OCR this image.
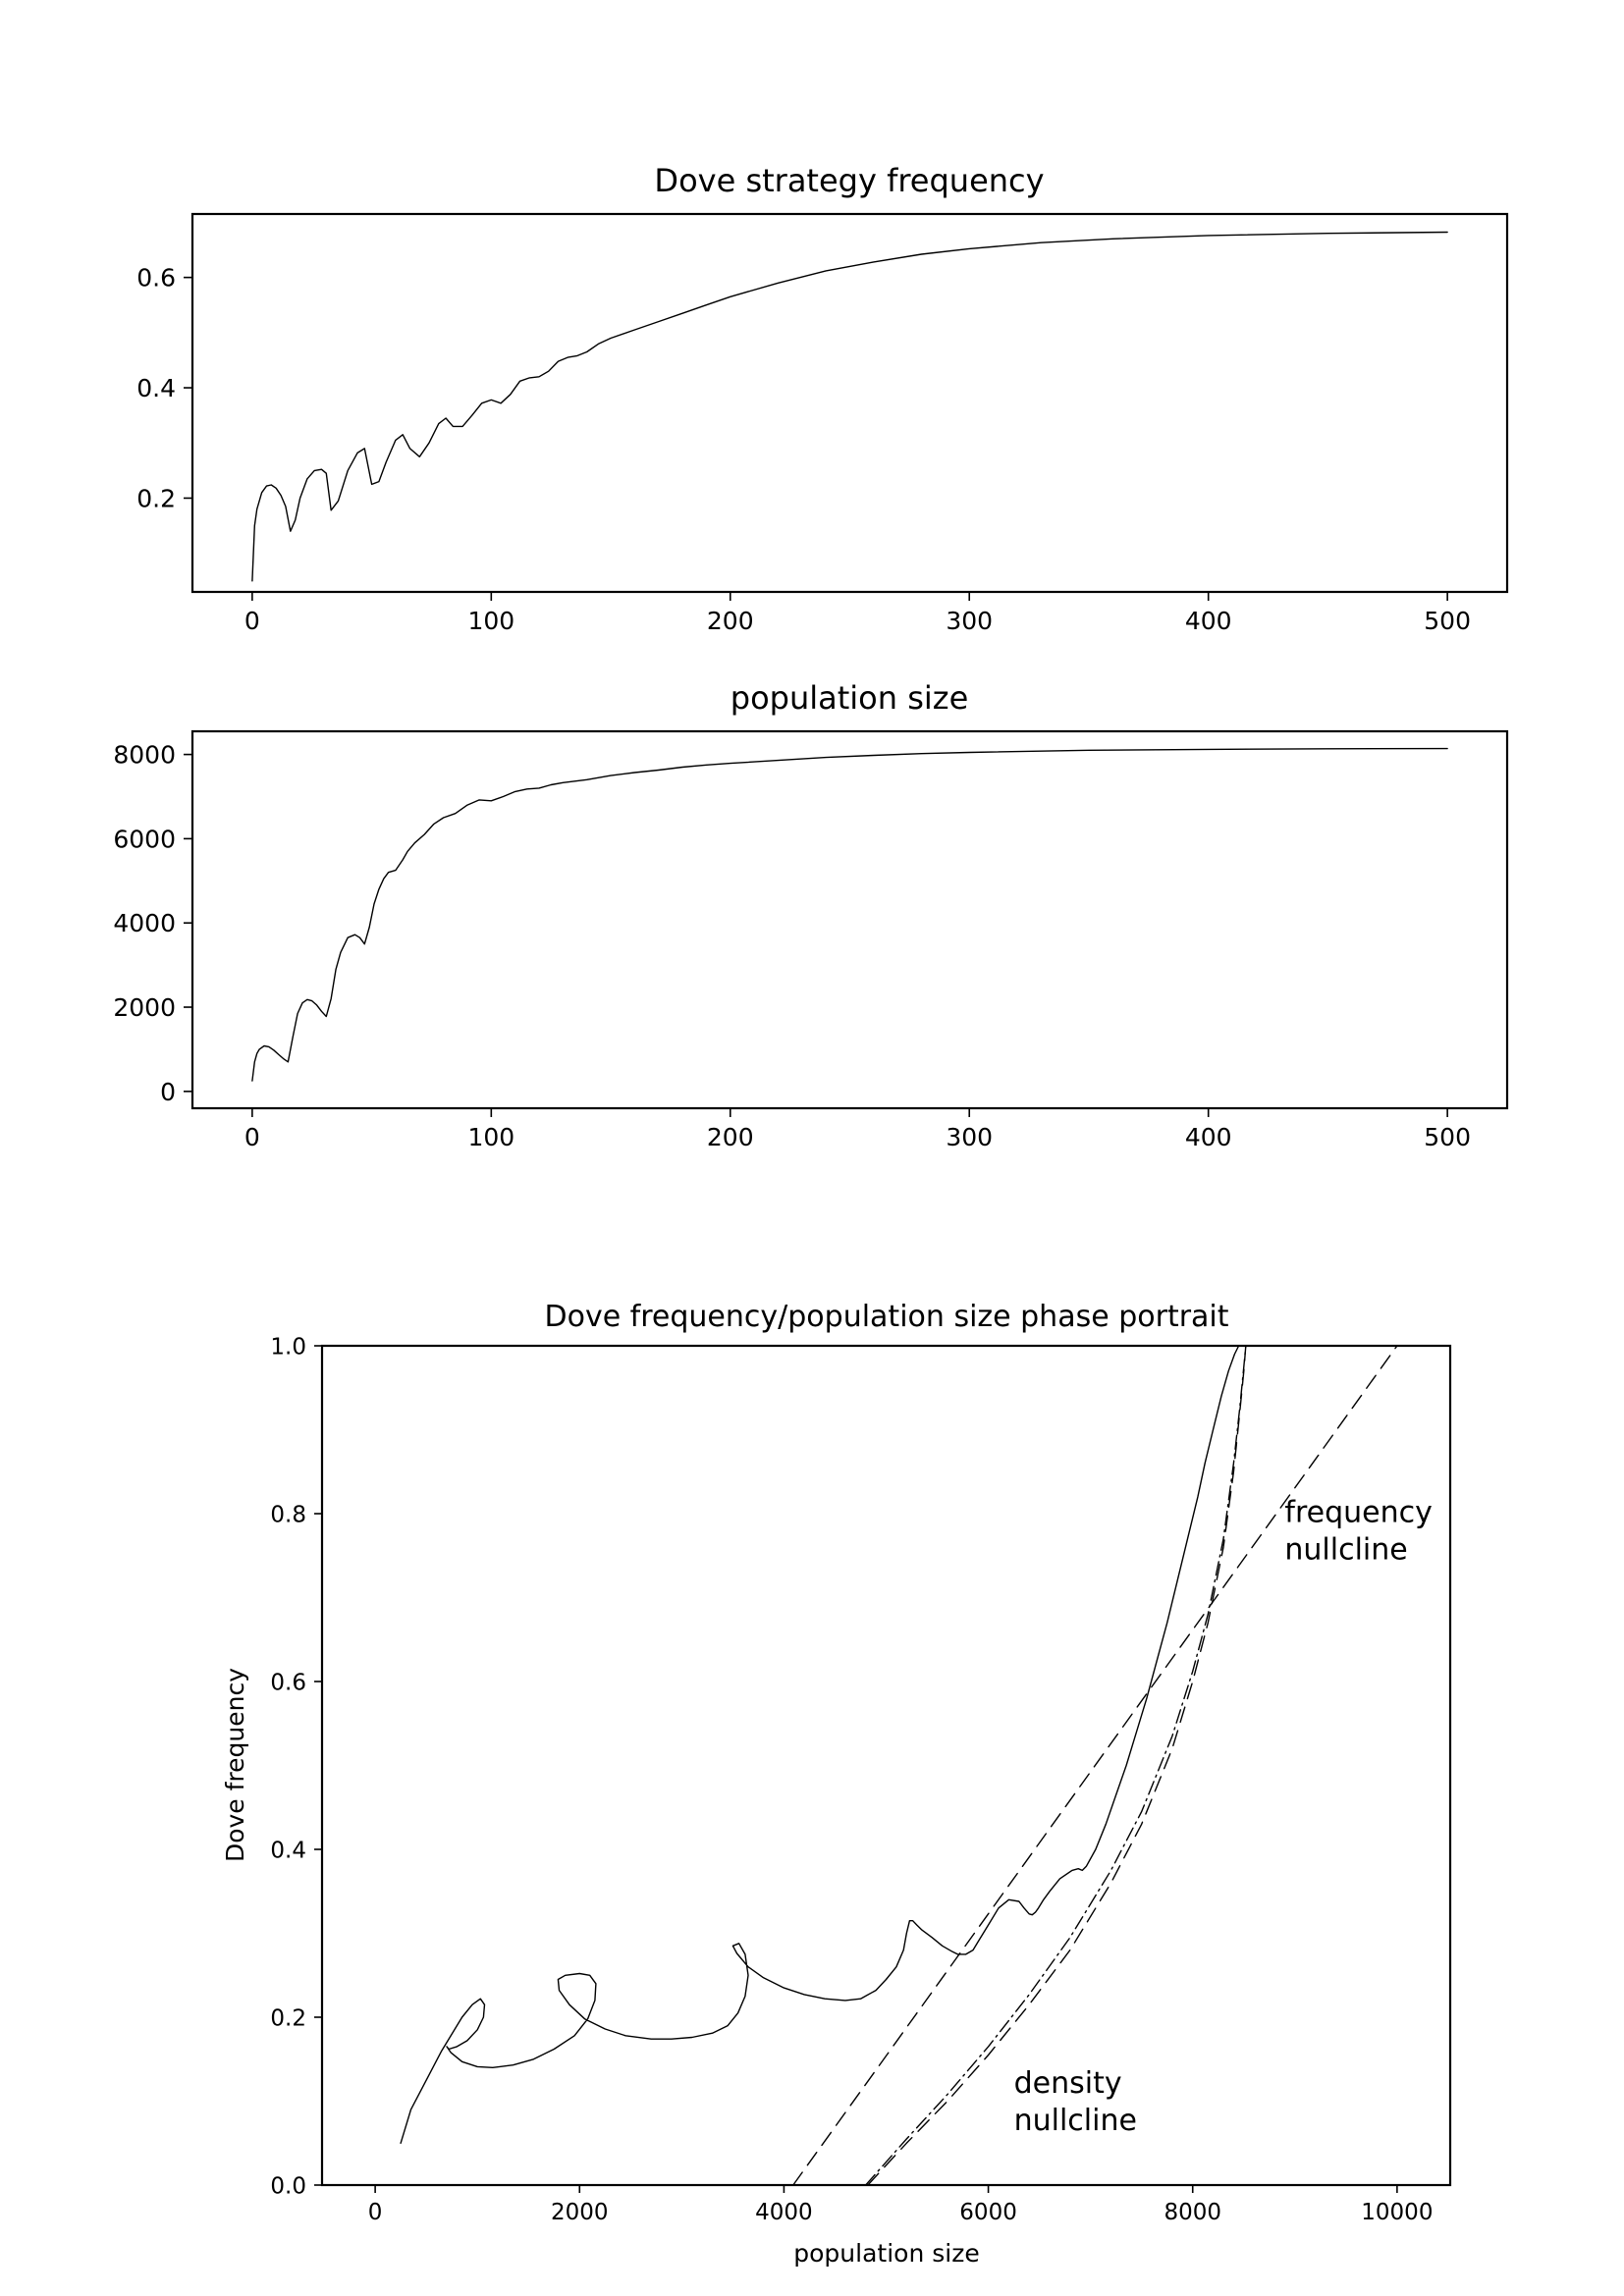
Dove strategy frequency
0	100	200	300	400	500
0.2
0.4
0.6
population size
0	100	200	300	400	500
0
2000
4000
6000
8000
Dove frequency/population size phase portrait
0	2000	4000	6000	8000	10000
0.0
0.2
0.4
0.6
0.8
1.0
population size
Dove frequency
frequency nullcline
density nullcline
